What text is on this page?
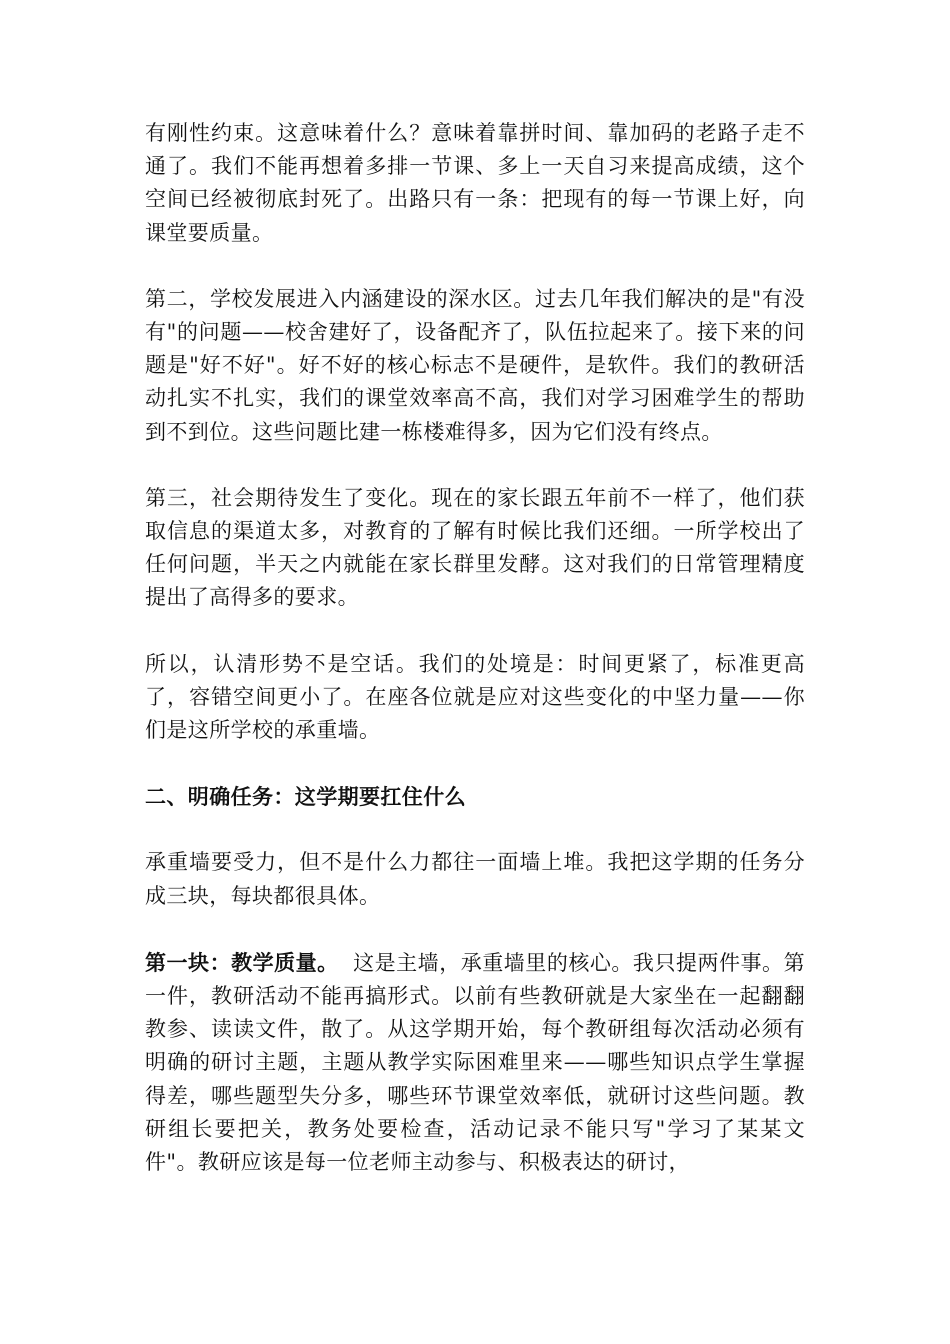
有刚性约束。这意味着什么？意味着靠拼时间、靠加码的老路子走不通了。我们不能再想着多排一节课、多上一天自习来提高成绩，这个空间已经被彻底封死了。出路只有一条：把现有的每一节课上好，向课堂要质量。

第二，学校发展进入内涵建设的深水区。过去几年我们解决的是"有没有"的问题——校舍建好了，设备配齐了，队伍拉起来了。接下来的问题是"好不好"。好不好的核心标志不是硬件，是软件。我们的教研活动扎实不扎实，我们的课堂效率高不高，我们对学习困难学生的帮助到不到位。这些问题比建一栋楼难得多，因为它们没有终点。

第三，社会期待发生了变化。现在的家长跟五年前不一样了，他们获取信息的渠道太多，对教育的了解有时候比我们还细。一所学校出了任何问题，半天之内就能在家长群里发酵。这对我们的日常管理精度提出了高得多的要求。

所以，认清形势不是空话。我们的处境是：时间更紧了，标准更高了，容错空间更小了。在座各位就是应对这些变化的中坚力量——你们是这所学校的承重墙。

二、明确任务：这学期要扛住什么

承重墙要受力，但不是什么力都往一面墙上堆。我把这学期的任务分成三块，每块都很具体。

第一块：教学质量。  这是主墙，承重墙里的核心。我只提两件事。第一件，教研活动不能再搞形式。以前有些教研就是大家坐在一起翻翻教参、读读文件，散了。从这学期开始，每个教研组每次活动必须有明确的研讨主题，主题从教学实际困难里来——哪些知识点学生掌握得差，哪些题型失分多，哪些环节课堂效率低，就研讨这些问题。教研组长要把关，教务处要检查，活动记录不能只写"学习了某某文件"。教研应该是每一位老师主动参与、积极表达的研讨，
